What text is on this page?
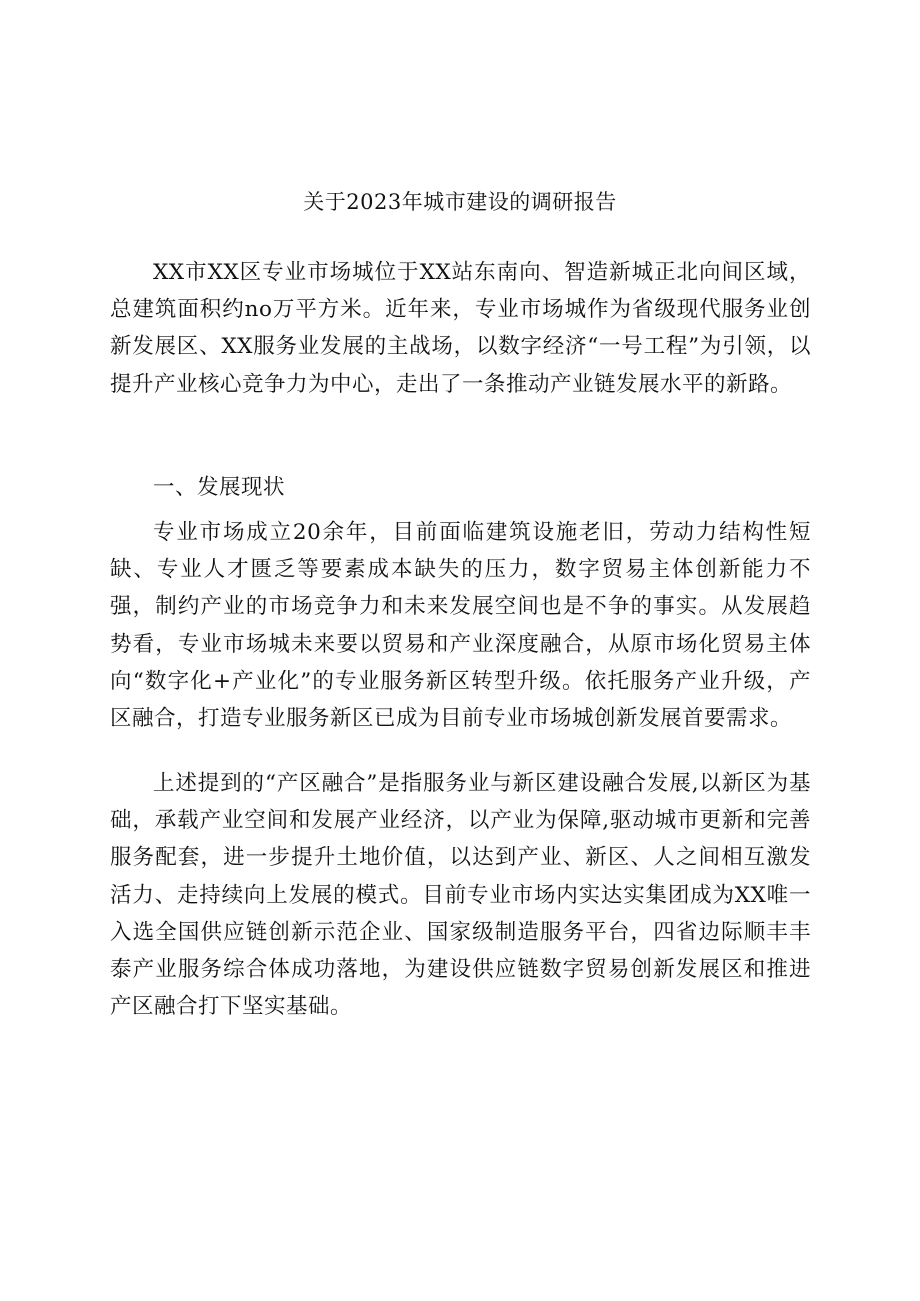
关于2023年城市建设的调研报告

XX市XX区专业市场城位于XX站东南向、智造新城正北向间区域，总建筑面积约no万平方米。近年来，专业市场城作为省级现代服务业创新发展区、XX服务业发展的主战场，以数字经济“一号工程”为引领，以提升产业核心竞争力为中心，走出了一条推动产业链发展水平的新路。

一、发展现状

专业市场成立20余年，目前面临建筑设施老旧，劳动力结构性短缺、专业人才匮乏等要素成本缺失的压力，数字贸易主体创新能力不强，制约产业的市场竞争力和未来发展空间也是不争的事实。从发展趋势看，专业市场城未来要以贸易和产业深度融合，从原市场化贸易主体向“数字化+产业化”的专业服务新区转型升级。依托服务产业升级，产区融合，打造专业服务新区已成为目前专业市场城创新发展首要需求。

上述提到的“产区融合”是指服务业与新区建设融合发展,以新区为基础，承载产业空间和发展产业经济，以产业为保障,驱动城市更新和完善服务配套，进一步提升土地价值，以达到产业、新区、人之间相互激发活力、走持续向上发展的模式。目前专业市场内实达实集团成为XX唯一入选全国供应链创新示范企业、国家级制造服务平台，四省边际顺丰丰泰产业服务综合体成功落地，为建设供应链数字贸易创新发展区和推进产区融合打下坚实基础。
